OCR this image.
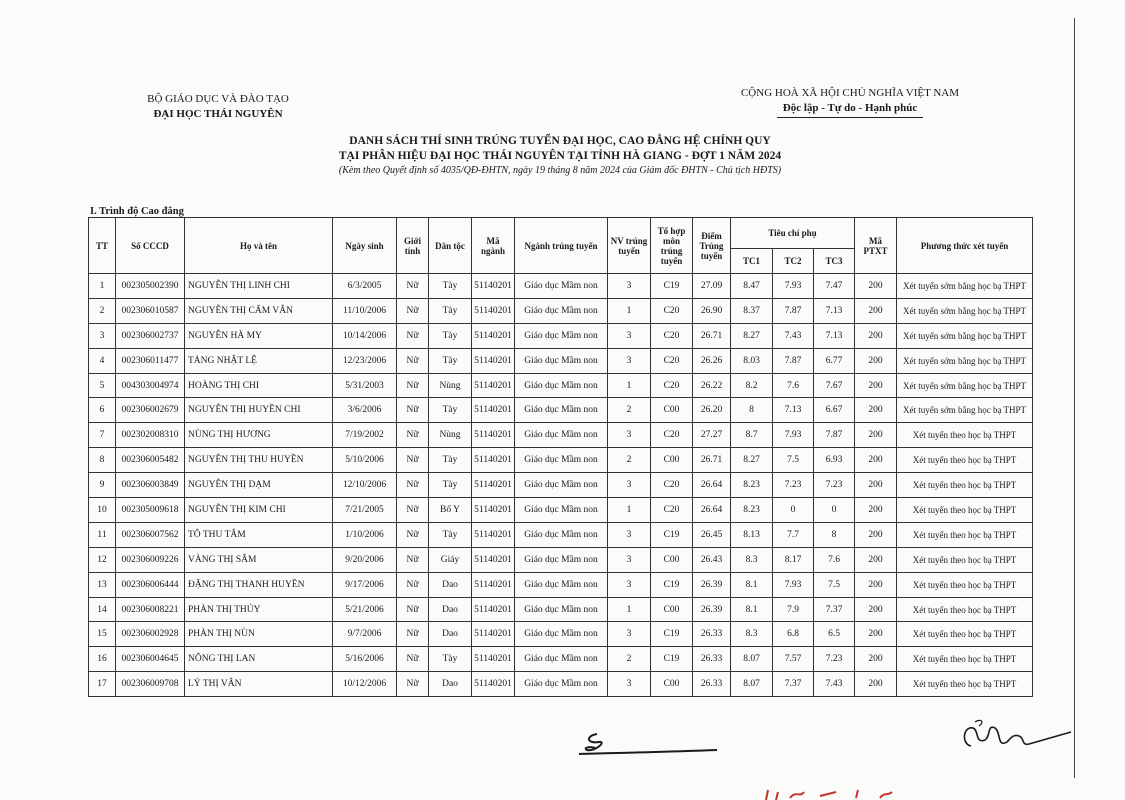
BỘ GIÁO DỤC VÀ ĐÀO TẠO
ĐẠI HỌC THÁI NGUYÊN
CỘNG HOÀ XÃ HỘI CHỦ NGHĨA VIỆT NAM
Độc lập - Tự do - Hạnh phúc
DANH SÁCH THÍ SINH TRÚNG TUYỂN ĐẠI HỌC, CAO ĐẲNG HỆ CHÍNH QUY
TẠI PHÂN HIỆU ĐẠI HỌC THÁI NGUYÊN TẠI TỈNH HÀ GIANG - ĐỢT 1 NĂM 2024
(Kèm theo Quyết định số 4035/QĐ-ĐHTN, ngày 19 tháng 8 năm 2024 của Giám đốc ĐHTN - Chủ tịch HĐTS)
I. Trình độ Cao đẳng
TT	Số CCCD	Họ và tên	Ngày sinh	Giới tính	Dân tộc	Mã ngành	Ngành trúng tuyển	NV trúng tuyển	Tổ hợp môn trúng tuyển	Điểm Trúng tuyển	Tiêu chí phụ			Mã PTXT	Phương thức xét tuyển
											TC1	TC2	TC3		
1	002305002390	NGUYỄN THỊ LINH CHI	6/3/2005	Nữ	Tày	51140201	Giáo dục Mầm non	3	C19	27.09	8.47	7.93	7.47	200	Xét tuyển sớm bằng học bạ THPT
2	002306010587	NGUYỄN THỊ CẨM VÂN	11/10/2006	Nữ	Tày	51140201	Giáo dục Mầm non	1	C20	26.90	8.37	7.87	7.13	200	Xét tuyển sớm bằng học bạ THPT
3	002306002737	NGUYỄN HÀ MY	10/14/2006	Nữ	Tày	51140201	Giáo dục Mầm non	3	C20	26.71	8.27	7.43	7.13	200	Xét tuyển sớm bằng học bạ THPT
4	002306011477	TẢNG NHẬT LỆ	12/23/2006	Nữ	Tày	51140201	Giáo dục Mầm non	3	C20	26.26	8.03	7.87	6.77	200	Xét tuyển sớm bằng học bạ THPT
5	004303004974	HOÀNG THỊ CHI	5/31/2003	Nữ	Nùng	51140201	Giáo dục Mầm non	1	C20	26.22	8.2	7.6	7.67	200	Xét tuyển sớm bằng học bạ THPT
6	002306002679	NGUYỄN THỊ HUYỀN CHI	3/6/2006	Nữ	Tày	51140201	Giáo dục Mầm non	2	C00	26.20	8	7.13	6.67	200	Xét tuyển sớm bằng học bạ THPT
7	002302008310	NÙNG THỊ HƯƠNG	7/19/2002	Nữ	Nùng	51140201	Giáo dục Mầm non	3	C20	27.27	8.7	7.93	7.87	200	Xét tuyển theo học bạ THPT
8	002306005482	NGUYỄN THỊ THU HUYỀN	5/10/2006	Nữ	Tày	51140201	Giáo dục Mầm non	2	C00	26.71	8.27	7.5	6.93	200	Xét tuyển theo học bạ THPT
9	002306003849	NGUYỄN THỊ DẠM	12/10/2006	Nữ	Tày	51140201	Giáo dục Mầm non	3	C20	26.64	8.23	7.23	7.23	200	Xét tuyển theo học bạ THPT
10	002305009618	NGUYỄN THỊ KIM CHI	7/21/2005	Nữ	Bố Y	51140201	Giáo dục Mầm non	1	C20	26.64	8.23	0	0	200	Xét tuyển theo học bạ THPT
11	002306007562	TÔ THU TÂM	1/10/2006	Nữ	Tày	51140201	Giáo dục Mầm non	3	C19	26.45	8.13	7.7	8	200	Xét tuyển theo học bạ THPT
12	002306009226	VÀNG THỊ SÂM	9/20/2006	Nữ	Giáy	51140201	Giáo dục Mầm non	3	C00	26.43	8.3	8.17	7.6	200	Xét tuyển theo học bạ THPT
13	002306006444	ĐẶNG THỊ THANH HUYỀN	9/17/2006	Nữ	Dao	51140201	Giáo dục Mầm non	3	C19	26.39	8.1	7.93	7.5	200	Xét tuyển theo học bạ THPT
14	002306008221	PHÀN THỊ THỦY	5/21/2006	Nữ	Dao	51140201	Giáo dục Mầm non	1	C00	26.39	8.1	7.9	7.37	200	Xét tuyển theo học bạ THPT
15	002306002928	PHÀN THỊ NÙN	9/7/2006	Nữ	Dao	51140201	Giáo dục Mầm non	3	C19	26.33	8.3	6.8	6.5	200	Xét tuyển theo học bạ THPT
16	002306004645	NÔNG THỊ LAN	5/16/2006	Nữ	Tày	51140201	Giáo dục Mầm non	2	C19	26.33	8.07	7.57	7.23	200	Xét tuyển theo học bạ THPT
17	002306009708	LÝ THỊ VÂN	10/12/2006	Nữ	Dao	51140201	Giáo dục Mầm non	3	C00	26.33	8.07	7.37	7.43	200	Xét tuyển theo học bạ THPT
